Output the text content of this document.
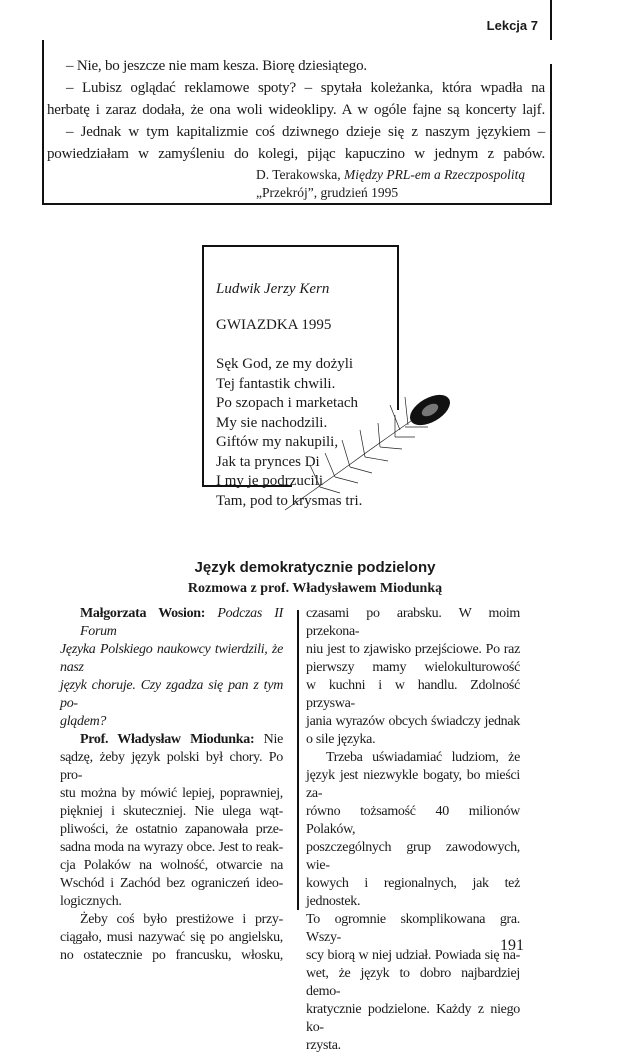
Lekcja 7
– Nie, bo jeszcze nie mam kesza. Biorę dziesiątego.
– Lubisz oglądać reklamowe spoty? – spytała koleżanka, która wpadła na
herbatę i zaraz dodała, że ona woli wideoklipy. A w ogóle fajne są koncerty lajf.
– Jednak w tym kapitalizmie coś dziwnego dzieje się z naszym językiem –
powiedziałam w zamyśleniu do kolegi, pijąc kapuczino w jednym z pabów.
D. Terakowska, Między PRL-em a Rzeczpospolitą
„Przekrój”, grudzień 1995
Ludwik Jerzy Kern
GWIAZDKA 1995
Sęk God, ze my dożyli
Tej fantastik chwili.
Po szopach i marketach
My sie nachodzili.
Giftów my nakupili,
Jak ta prynces Di
I my je podrzucili
Tam, pod to krysmas tri.
Język demokratycznie podzielony
Rozmowa z prof. Władysławem Miodunką
Małgorzata Wosion: Podczas II Forum
Języka Polskiego naukowcy twierdzili, że nasz
język choruje. Czy zgadza się pan z tym po-
glądem?
Prof. Władysław Miodunka: Nie
sądzę, żeby język polski był chory. Po pro-
stu można by mówić lepiej, poprawniej,
piękniej i skuteczniej. Nie ulega wąt-
pliwości, że ostatnio zapanowała prze-
sadna moda na wyrazy obce. Jest to reak-
cja Polaków na wolność, otwarcie na
Wschód i Zachód bez ograniczeń ideo-
logicznych.
Żeby coś było prestiżowe i przy-
ciągało, musi nazywać się po angielsku,
no ostatecznie po francusku, włosku,
czasami po arabsku. W moim przekona-
niu jest to zjawisko przejściowe. Po raz
pierwszy mamy wielokulturowość
w kuchni i w handlu. Zdolność przyswa-
jania wyrazów obcych świadczy jednak
o sile języka.
Trzeba uświadamiać ludziom, że
język jest niezwykle bogaty, bo mieści za-
równo tożsamość 40 milionów Polaków,
poszczególnych grup zawodowych, wie-
kowych i regionalnych, jak też jednostek.
To ogromnie skomplikowana gra. Wszy-
scy biorą w niej udział. Powiada się na-
wet, że język to dobro najbardziej demo-
kratycznie podzielone. Każdy z niego ko-
rzysta.
191
